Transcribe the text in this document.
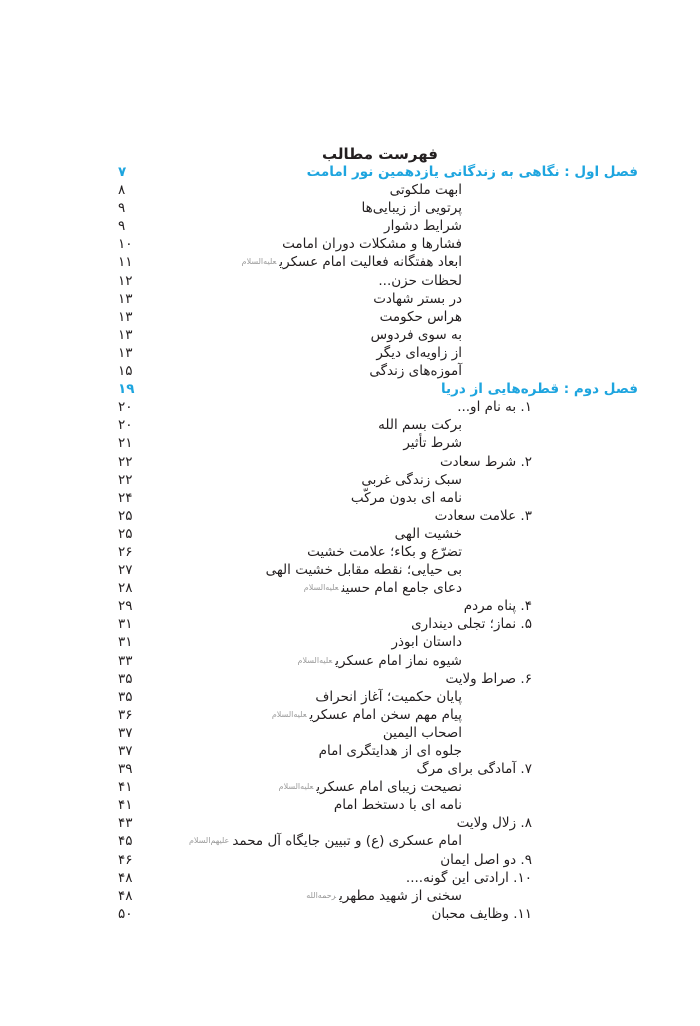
فهرست مطالب
۷	فصل اول : نگاهی به زندگانی یازدهمین نور امامت
۸	ابهت ملکوتی
۹	پرتویی از زیبایی‌ها
۹	شرایط دشوار
۱۰	فشارها و مشکلات دوران امامت
۱۱	ابعاد هفتگانه فعالیت امام عسکریعليه‌السلام
۱۲	لحظات حزن...
۱۳	در بستر شهادت
۱۳	هراس حکومت
۱۳	به سوی فردوس
۱۳	از زاویه‌ای دیگر
۱۵	آموزه‌های زندگی
۱۹	فصل دوم : قطره‌هایی از دریا
۲۰	۱. به نام او...
۲۰	برکت بسم الله
۲۱	شرط تأثیر
۲۲	۲. شرط سعادت
۲۲	سبک زندگی غربی
۲۴	نامه ای بدون مرکّب
۲۵	۳. علامت سعادت
۲۵	خشیت الهی
۲۶	تضرّع و بکاء؛ علامت خشیت
۲۷	بی حیایی؛ نقطه مقابل خشیت الهی
۲۸	دعای جامع امام حسینعليه‌السلام
۲۹	۴. پناه مردم
۳۱	۵. نماز؛ تجلی دینداری
۳۱	داستان ابوذر
۳۳	شیوه نماز امام عسکریعليه‌السلام
۳۵	۶. صراط ولایت
۳۵	پایان حکمیت؛ آغاز انحراف
۳۶	پیام مهم سخن امام عسکریعليه‌السلام
۳۷	اصحاب الیمین
۳۷	جلوه ای از هدایتگری امام
۳۹	۷. آمادگی برای مرگ
۴۱	نصیحت زیبای امام عسکریعليه‌السلام
۴۱	نامه ای با دستخط امام
۴۳	۸. زلال ولایت
۴۵	امام عسکری (ع) و تبیین جایگاه آل محمدعليهم‌السلام
۴۶	۹. دو اصل ایمان
۴۸	۱۰. ارادتی این گونه....
۴۸	سخنی از شهید مطهریرحمه‌الله
۵۰	۱۱. وظایف محبان
